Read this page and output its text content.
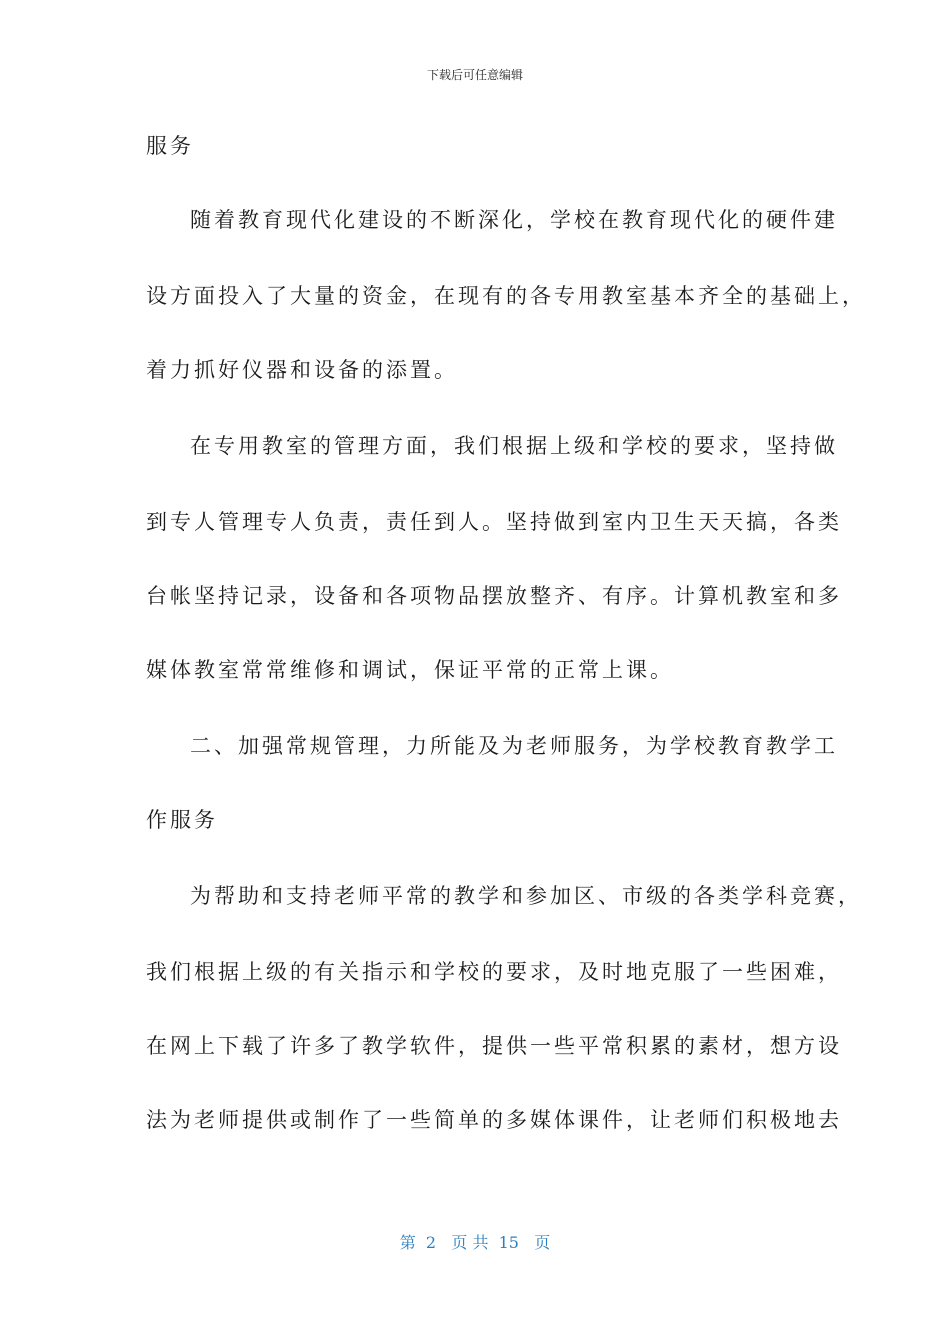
下载后可任意编辑

服务

随着教育现代化建设的不断深化，学校在教育现代化的硬件建

设方面投入了大量的资金，在现有的各专用教室基本齐全的基础上，

着力抓好仪器和设备的添置。

在专用教室的管理方面，我们根据上级和学校的要求，坚持做

到专人管理专人负责，责任到人。坚持做到室内卫生天天搞，各类

台帐坚持记录，设备和各项物品摆放整齐、有序。计算机教室和多

媒体教室常常维修和调试，保证平常的正常上课。

二、加强常规管理，力所能及为老师服务，为学校教育教学工

作服务

为帮助和支持老师平常的教学和参加区、市级的各类学科竞赛，

我们根据上级的有关指示和学校的要求，及时地克服了一些困难，

在网上下载了许多了教学软件，提供一些平常积累的素材，想方设

法为老师提供或制作了一些简单的多媒体课件，让老师们积极地去

第  2   页 共  15   页
